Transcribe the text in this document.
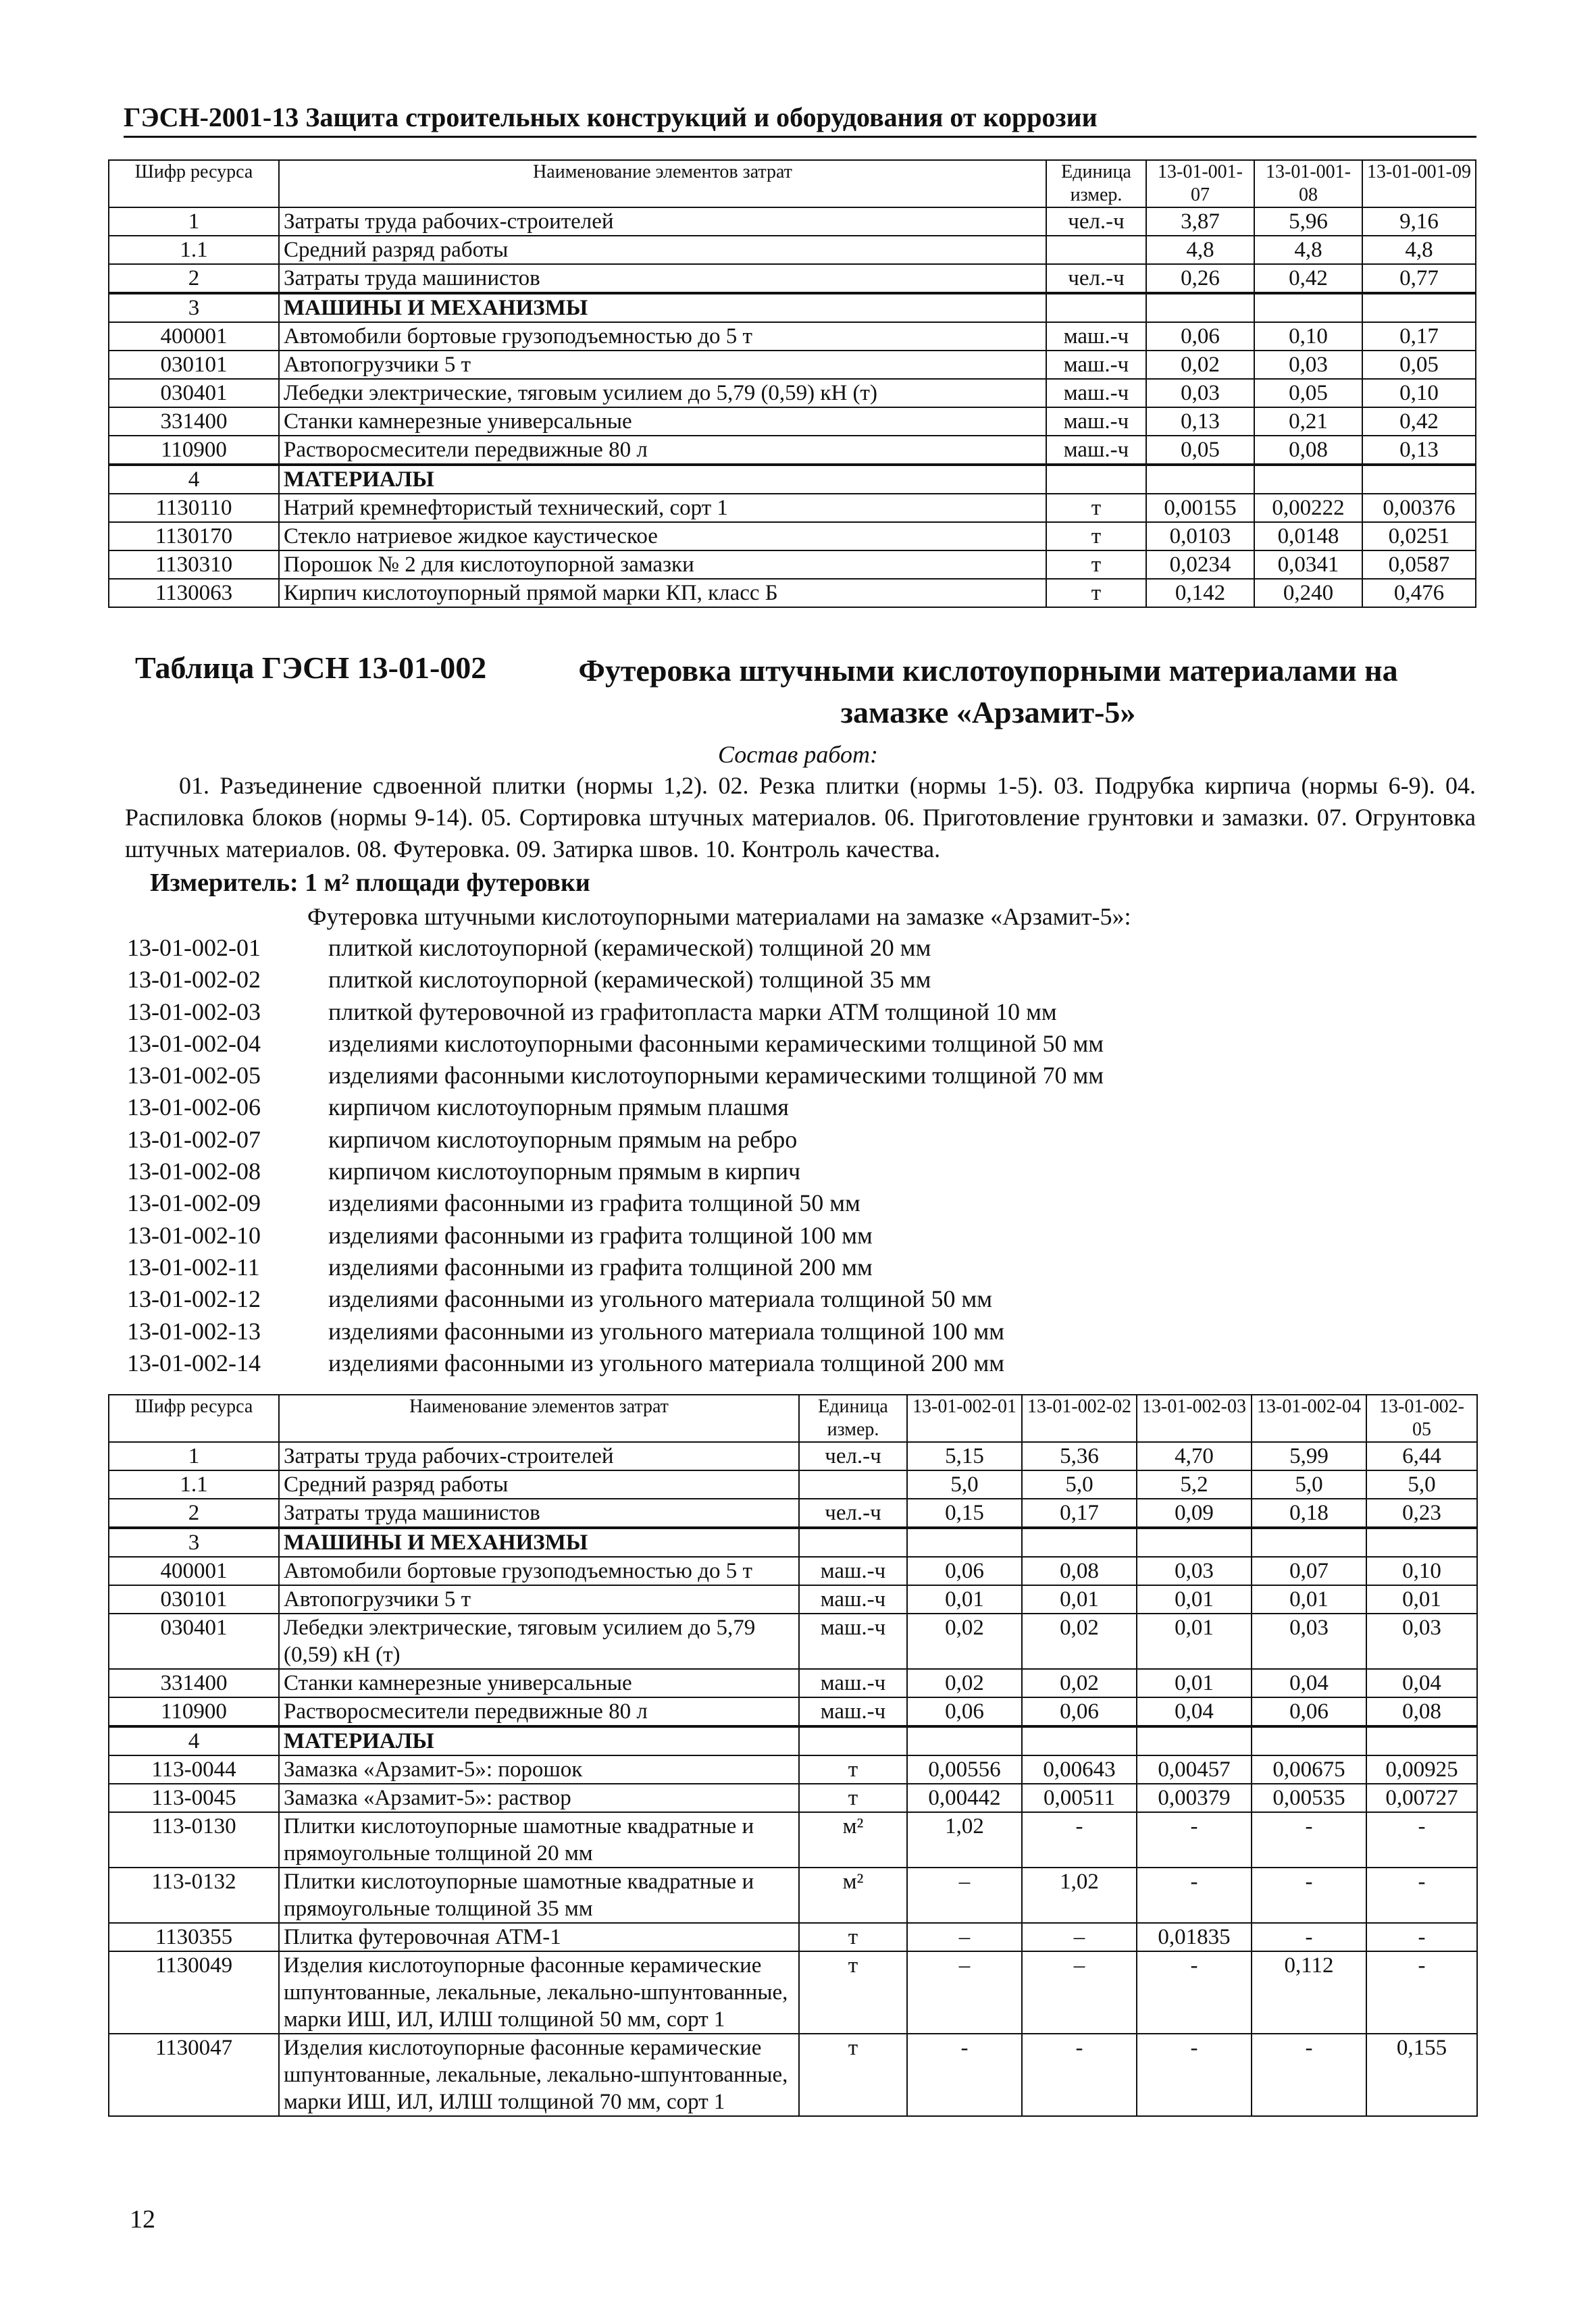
ГЭСН-2001-13 Защита строительных конструкций и оборудования от коррозии
Шифр ресурса	Наименование элементов затрат	Единица измер.	13-01-001-07	13-01-001-08	13-01-001-09
1	Затраты труда рабочих-строителей	чел.-ч	3,87	5,96	9,16
1.1	Средний разряд работы		4,8	4,8	4,8
2	Затраты труда машинистов	чел.-ч	0,26	0,42	0,77
3	МАШИНЫ И МЕХАНИЗМЫ				
400001	Автомобили бортовые грузоподъемностью до 5 т	маш.-ч	0,06	0,10	0,17
030101	Автопогрузчики 5 т	маш.-ч	0,02	0,03	0,05
030401	Лебедки электрические, тяговым усилием до 5,79 (0,59) кН (т)	маш.-ч	0,03	0,05	0,10
331400	Станки камнерезные универсальные	маш.-ч	0,13	0,21	0,42
110900	Растворосмесители передвижные 80 л	маш.-ч	0,05	0,08	0,13
4	МАТЕРИАЛЫ				
1130110	Натрий кремнефтористый технический, сорт 1	т	0,00155	0,00222	0,00376
1130170	Стекло натриевое жидкое каустическое	т	0,0103	0,0148	0,0251
1130310	Порошок № 2 для кислотоупорной замазки	т	0,0234	0,0341	0,0587
1130063	Кирпич кислотоупорный прямой марки КП, класс Б	т	0,142	0,240	0,476
Таблица ГЭСН 13-01-002	Футеровка штучными кислотоупорными материалами на замазке «Арзамит-5»
Состав работ:
01. Разъединение сдвоенной плитки (нормы 1,2). 02. Резка плитки (нормы 1-5). 03. Подрубка кирпича (нормы 6-9). 04. Распиловка блоков (нормы 9-14). 05. Сортировка штучных материалов. 06. Приготовление грунтовки и замазки. 07. Огрунтовка штучных материалов. 08. Футеровка. 09. Затирка швов. 10. Контроль качества.
Измеритель: 1 м² площади футеровки
Футеровка штучными кислотоупорными материалами на замазке «Арзамит-5»:
13-01-002-01	плиткой кислотоупорной (керамической) толщиной 20 мм
13-01-002-02	плиткой кислотоупорной (керамической) толщиной 35 мм
13-01-002-03	плиткой футеровочной из графитопласта марки АТМ толщиной 10 мм
13-01-002-04	изделиями кислотоупорными фасонными керамическими толщиной 50 мм
13-01-002-05	изделиями фасонными кислотоупорными керамическими толщиной 70 мм
13-01-002-06	кирпичом кислотоупорным прямым плашмя
13-01-002-07	кирпичом кислотоупорным прямым на ребро
13-01-002-08	кирпичом кислотоупорным прямым в кирпич
13-01-002-09	изделиями фасонными из графита толщиной 50 мм
13-01-002-10	изделиями фасонными из графита толщиной 100 мм
13-01-002-11	изделиями фасонными из графита толщиной 200 мм
13-01-002-12	изделиями фасонными из угольного материала толщиной 50 мм
13-01-002-13	изделиями фасонными из угольного материала толщиной 100 мм
13-01-002-14	изделиями фасонными из угольного материала толщиной 200 мм
Шифр ресурса	Наименование элементов затрат	Единица измер.	13-01-002-01	13-01-002-02	13-01-002-03	13-01-002-04	13-01-002-05
1	Затраты труда рабочих-строителей	чел.-ч	5,15	5,36	4,70	5,99	6,44
1.1	Средний разряд работы		5,0	5,0	5,2	5,0	5,0
2	Затраты труда машинистов	чел.-ч	0,15	0,17	0,09	0,18	0,23
3	МАШИНЫ И МЕХАНИЗМЫ						
400001	Автомобили бортовые грузоподъемностью до 5 т	маш.-ч	0,06	0,08	0,03	0,07	0,10
030101	Автопогрузчики 5 т	маш.-ч	0,01	0,01	0,01	0,01	0,01
030401	Лебедки электрические, тяговым усилием до 5,79 (0,59) кН (т)	маш.-ч	0,02	0,02	0,01	0,03	0,03
331400	Станки камнерезные универсальные	маш.-ч	0,02	0,02	0,01	0,04	0,04
110900	Растворосмесители передвижные 80 л	маш.-ч	0,06	0,06	0,04	0,06	0,08
4	МАТЕРИАЛЫ						
113-0044	Замазка «Арзамит-5»: порошок	т	0,00556	0,00643	0,00457	0,00675	0,00925
113-0045	Замазка «Арзамит-5»: раствор	т	0,00442	0,00511	0,00379	0,00535	0,00727
113-0130	Плитки кислотоупорные шамотные квадратные и прямоугольные толщиной 20 мм	м²	1,02	-	-	-	-
113-0132	Плитки кислотоупорные шамотные квадратные и прямоугольные толщиной 35 мм	м²	–	1,02	-	-	-
1130355	Плитка футеровочная АТМ-1	т	–	–	0,01835	-	-
1130049	Изделия кислотоупорные фасонные керамические шпунтованные, лекальные, лекально-шпунтованные, марки ИШ, ИЛ, ИЛШ толщиной 50 мм, сорт 1	т	–	–	-	0,112	-
1130047	Изделия кислотоупорные фасонные керамические шпунтованные, лекальные, лекально-шпунтованные, марки ИШ, ИЛ, ИЛШ толщиной 70 мм, сорт 1	т	-	-	-	-	0,155
12
